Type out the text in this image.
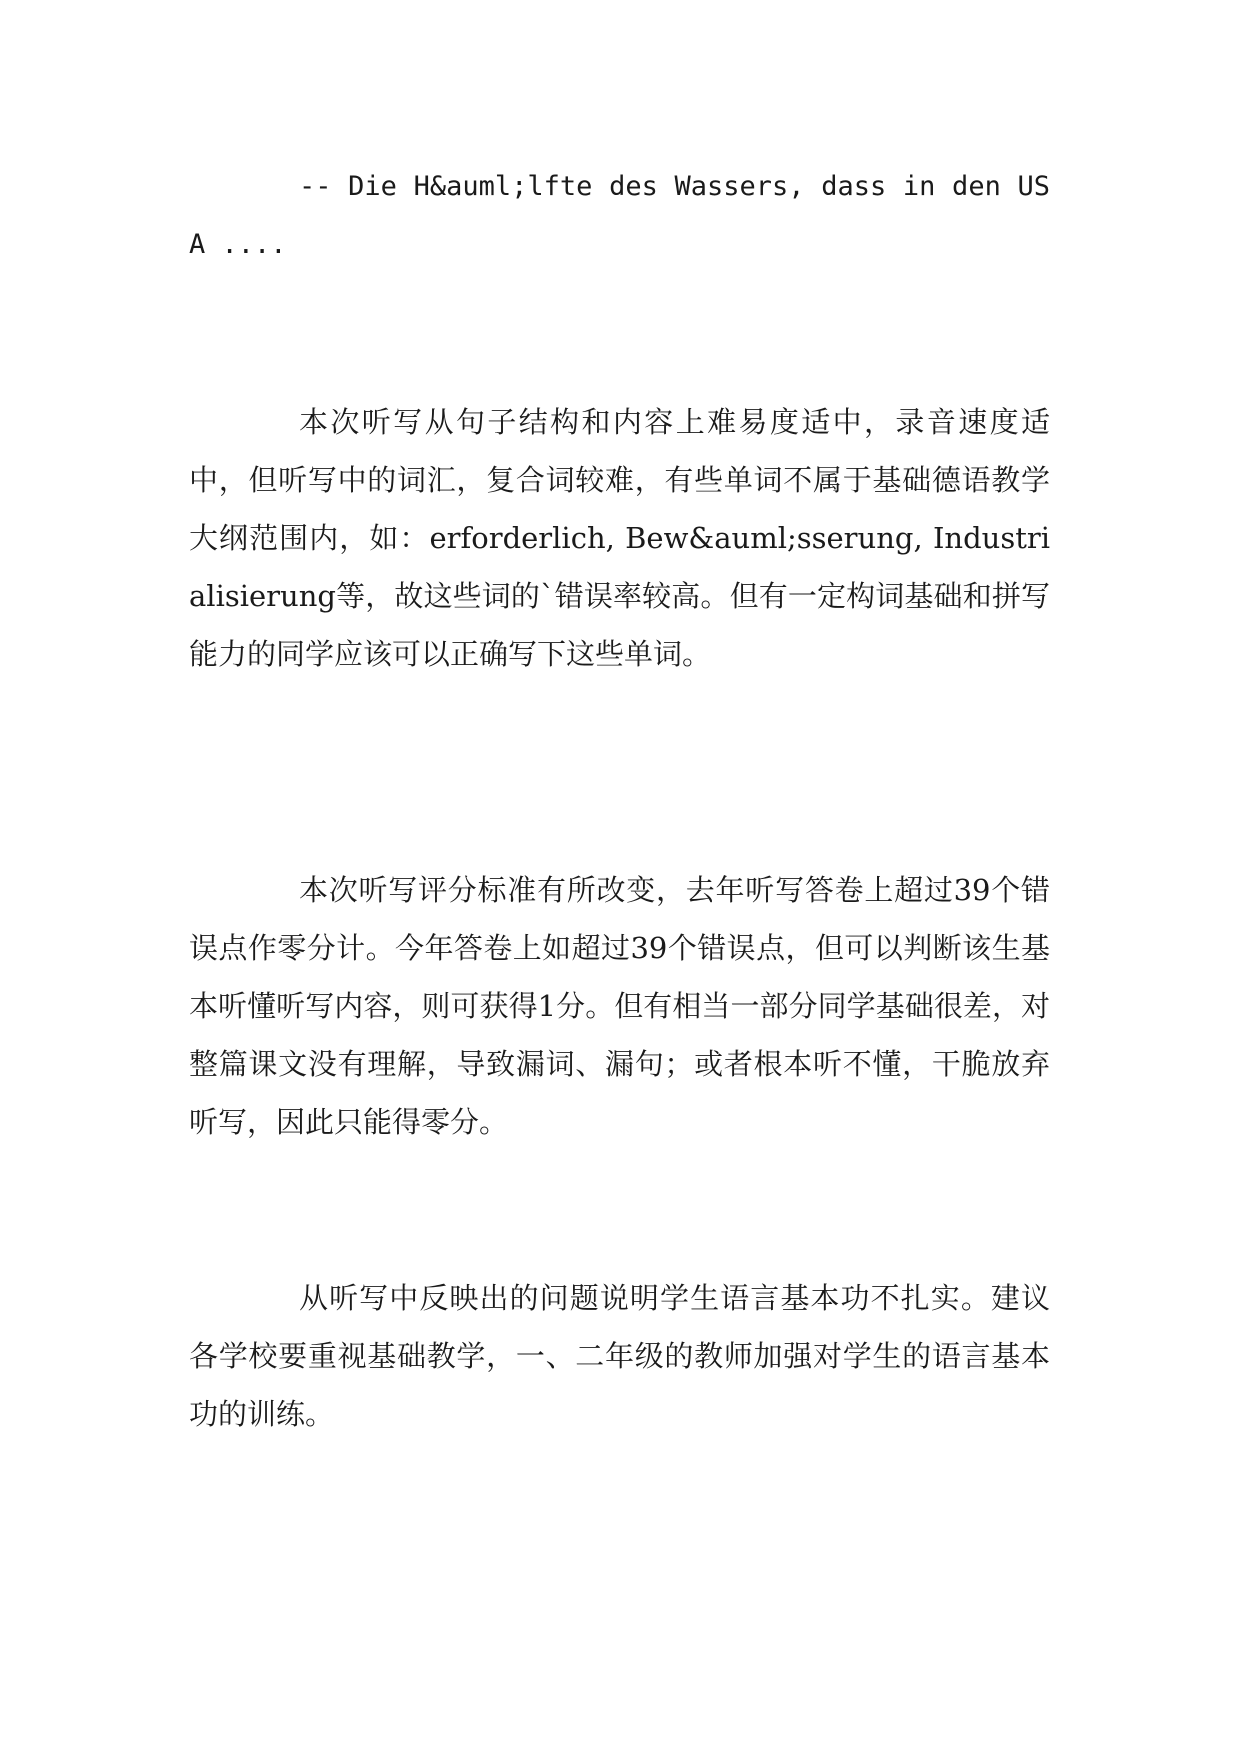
-- Die H&auml;lfte des Wassers, dass in den USA ....

本次听写从句子结构和内容上难易度适中，录音速度适中，但听写中的词汇，复合词较难，有些单词不属于基础德语教学大纲范围内，如：erforderlich, Bew&auml;sserung, Industrialisierung等，故这些词的`错误率较高。但有一定构词基础和拼写能力的同学应该可以正确写下这些单词。

本次听写评分标准有所改变，去年听写答卷上超过39个错误点作零分计。今年答卷上如超过39个错误点，但可以判断该生基本听懂听写内容，则可获得1分。但有相当一部分同学基础很差，对整篇课文没有理解，导致漏词、漏句；或者根本听不懂，干脆放弃听写，因此只能得零分。

从听写中反映出的问题说明学生语言基本功不扎实。建议各学校要重视基础教学，一、二年级的教师加强对学生的语言基本功的训练。
